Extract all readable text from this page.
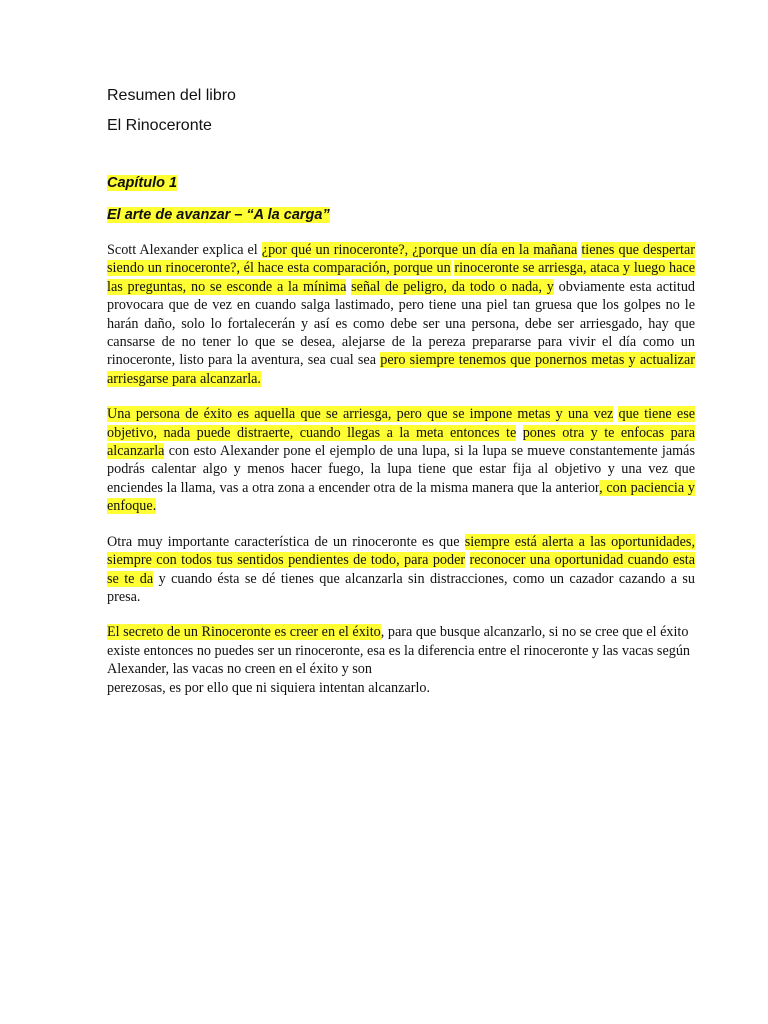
Resumen del libro

El Rinoceronte

Capítulo 1

El arte de avanzar – “A la carga”

Scott Alexander explica el ¿por qué un rinoceronte?, ¿porque un día en la mañana tienes que despertar siendo un rinoceronte?, él hace esta comparación, porque un rinoceronte se arriesga, ataca y luego hace las preguntas, no se esconde a la mínima señal de peligro, da todo o nada, y obviamente esta actitud provocara que de vez en cuando salga lastimado, pero tiene una piel tan gruesa que los golpes no le harán daño, solo lo fortalecerán y así es como debe ser una persona, debe ser arriesgado, hay que cansarse de no tener lo que se desea, alejarse de la pereza prepararse para vivir el día como un rinoceronte, listo para la aventura, sea cual sea pero siempre tenemos que ponernos metas y actualizar arriesgarse para alcanzarla.

Una persona de éxito es aquella que se arriesga, pero que se impone metas y una vez que tiene ese objetivo, nada puede distraerte, cuando llegas a la meta entonces te pones otra y te enfocas para alcanzarla con esto Alexander pone el ejemplo de una lupa, si la lupa se mueve constantemente jamás podrás calentar algo y menos hacer fuego, la lupa tiene que estar fija al objetivo y una vez que enciendes la llama, vas a otra zona a encender otra de la misma manera que la anterior, con paciencia y enfoque.

Otra muy importante característica de un rinoceronte es que siempre está alerta a las oportunidades, siempre con todos tus sentidos pendientes de todo, para poder reconocer una oportunidad cuando esta se te da y cuando ésta se dé tienes que alcanzarla sin distracciones, como un cazador cazando a su presa.

El secreto de un Rinoceronte es creer en el éxito, para que busque alcanzarlo, si no se cree que el éxito existe entonces no puedes ser un rinoceronte, esa es la diferencia entre el rinoceronte y las vacas según Alexander, las vacas no creen en el éxito y son
perezosas, es por ello que ni siquiera intentan alcanzarlo.
